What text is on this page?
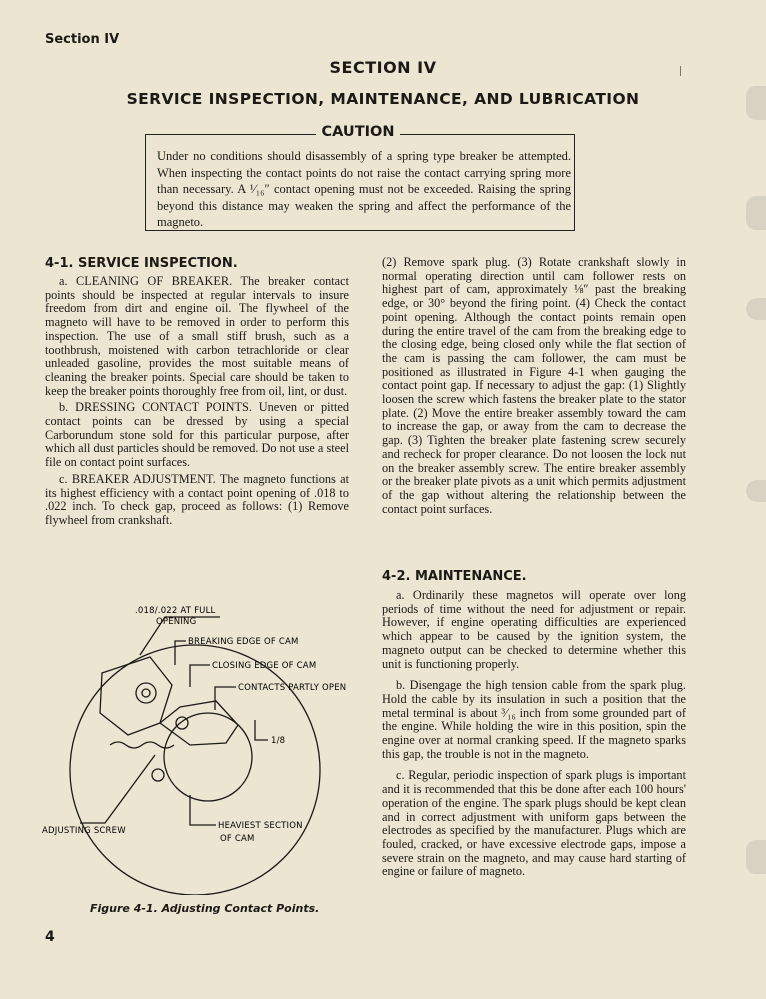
Section IV
SECTION IV
SERVICE INSPECTION, MAINTENANCE, AND LUBRICATION
CAUTION
Under no conditions should disassembly of a spring type breaker be attempted. When inspecting the contact points do not raise the contact carrying spring more than necessary. A ¹⁄₁₆″ contact opening must not be exceeded. Raising the spring beyond this distance may weaken the spring and affect the performance of the magneto.
4-1. SERVICE INSPECTION.

a. CLEANING OF BREAKER. The breaker contact points should be inspected at regular intervals to insure freedom from dirt and engine oil. The flywheel of the magneto will have to be removed in order to perform this inspection. The use of a small stiff brush, such as a toothbrush, moistened with carbon tetrachloride or clear unleaded gasoline, provides the most suitable means of cleaning the breaker points. Special care should be taken to keep the breaker points thoroughly free from oil, lint, or dust.

b. DRESSING CONTACT POINTS. Uneven or pitted contact points can be dressed by using a special Carborundum stone sold for this particular purpose, after which all dust particles should be removed. Do not use a steel file on contact point surfaces.

c. BREAKER ADJUSTMENT. The magneto functions at its highest efficiency with a contact point opening of .018 to .022 inch. To check gap, proceed as follows: (1) Remove flywheel from crankshaft.

(2) Remove spark plug. (3) Rotate crankshaft slowly in normal operating direction until cam follower rests on highest part of cam, approximately ⅛″ past the breaking edge, or 30° beyond the firing point. (4) Check the contact point opening. Although the contact points remain open during the entire travel of the cam from the breaking edge to the closing edge, being closed only while the flat section of the cam is passing the cam follower, the cam must be positioned as illustrated in Figure 4-1 when gauging the contact point gap. If necessary to adjust the gap: (1) Slightly loosen the screw which fastens the breaker plate to the stator plate. (2) Move the entire breaker assembly toward the cam to increase the gap, or away from the cam to decrease the gap. (3) Tighten the breaker plate fastening screw securely and recheck for proper clearance. Do not loosen the lock nut on the breaker assembly screw. The entire breaker assembly or the breaker plate pivots as a unit which permits adjustment of the gap without altering the relationship between the contact point surfaces.

4-2. MAINTENANCE.

a. Ordinarily these magnetos will operate over long periods of time without the need for adjustment or repair. However, if engine operating difficulties are experienced which appear to be caused by the ignition system, the magneto output can be checked to determine whether this unit is functioning properly.

b. Disengage the high tension cable from the spark plug. Hold the cable by its insulation in such a position that the metal terminal is about ³⁄₁₆ inch from some grounded part of the engine. While holding the wire in this position, spin the engine over at normal cranking speed. If the magneto sparks this gap, the trouble is not in the magneto.

c. Regular, periodic inspection of spark plugs is important and it is recommended that this be done after each 100 hours' operation of the engine. The spark plugs should be kept clean and in correct adjustment with uniform gaps between the electrodes as specified by the manufacturer. Plugs which are fouled, cracked, or have excessive electrode gaps, impose a severe strain on the magneto, and may cause hard starting of engine or failure of magneto.

.018/.022 AT FULL
OPENING
BREAKING EDGE OF CAM
CLOSING EDGE OF CAM
CONTACTS PARTLY OPEN
1/8
ADJUSTING SCREW	HEAVIEST SECTION
OF CAM
Figure 4-1. Adjusting Contact Points.
4
